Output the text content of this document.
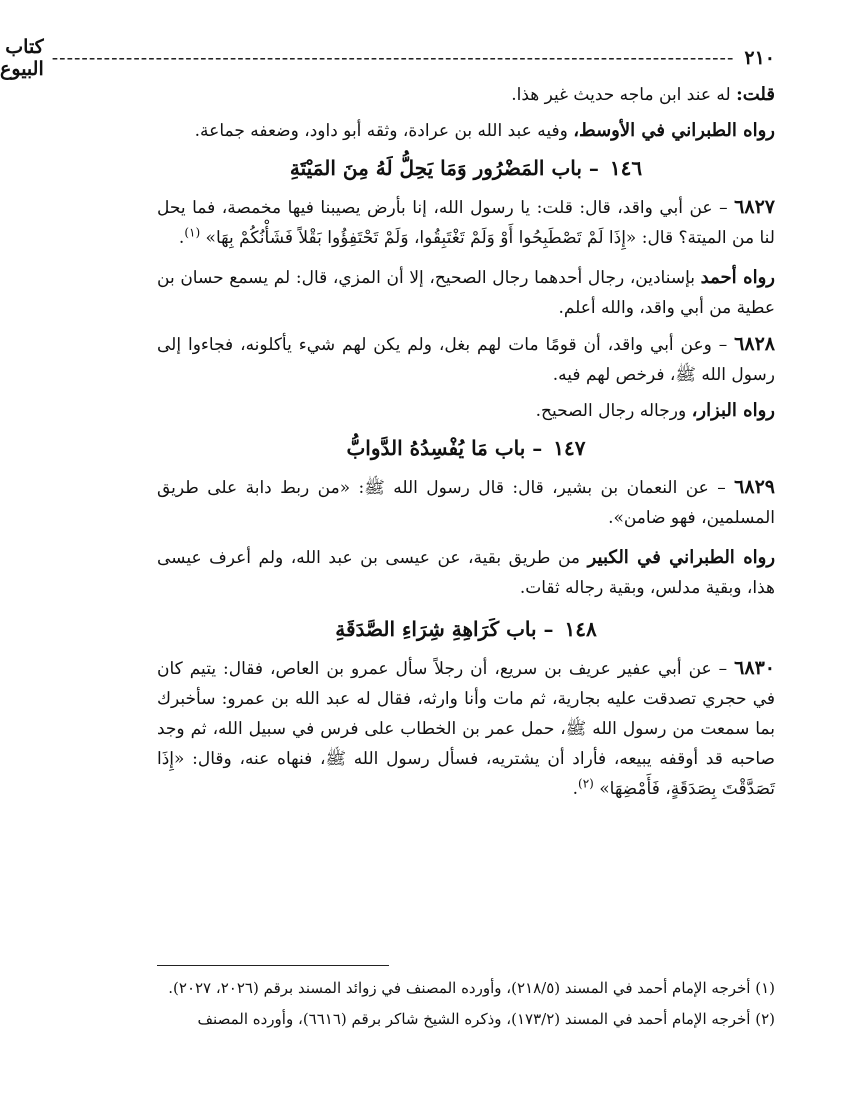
٢١٠
--------------------------------------------------------------------------------------------
كتاب البيوع

قلت: له عند ابن ماجه حديث غير هذا.

رواه الطبراني في الأوسط، وفيه عبد الله بن عرادة، وثقه أبو داود، وضعفه جماعة.

١٤٦ – باب المَضْرُور وَمَا يَحِلُّ لَهُ مِنَ المَيْتَةِ

٦٨٢٧ – عن أبي واقد، قال: قلت: يا رسول الله، إنا بأرض يصيبنا فيها مخمصة، فما يحل لنا من الميتة؟ قال: «إِذَا لَمْ تَصْطَبِحُوا أَوْ وَلَمْ تَغْتَبِقُوا، وَلَمْ تَحْتَفِؤُوا بَقْلاً فَشَأْنُكُمْ بِهَا» $^{(١)}$.

رواه أحمد بإسنادين، رجال أحدهما رجال الصحيح، إلا أن المزي، قال: لم يسمع حسان بن عطية من أبي واقد، والله أعلم.

٦٨٢٨ – وعن أبي واقد، أن قومًا مات لهم بغل، ولم يكن لهم شيء يأكلونه، فجاءوا إلى رسول الله ﷺ، فرخص لهم فيه.

رواه البزار، ورجاله رجال الصحيح.

١٤٧ – باب مَا يُفْسِدُهُ الدَّوابُّ

٦٨٢٩ – عن النعمان بن بشير، قال: قال رسول الله ﷺ: «من ربط دابة على طريق المسلمين، فهو ضامن».

رواه الطبراني في الكبير من طريق بقية، عن عيسى بن عبد الله، ولم أعرف عيسى هذا، وبقية مدلس، وبقية رجاله ثقات.

١٤٨ – باب كَرَاهِةِ شِرَاءِ الصَّدَقَةِ

٦٨٣٠ – عن أبي عفير عريف بن سريع، أن رجلاً سأل عمرو بن العاص، فقال: يتيم كان في حجري تصدقت عليه بجارية، ثم مات وأنا وارثه، فقال له عبد الله بن عمرو: سأخبرك بما سمعت من رسول الله ﷺ، حمل عمر بن الخطاب على فرس في سبيل الله، ثم وجد صاحبه قد أوقفه يبيعه، فأراد أن يشتريه، فسأل رسول الله ﷺ، فنهاه عنه، وقال: «إِذَا تَصَدَّقْتَ بِصَدَقَةٍ، فَأَمْضِهَا» $^{(٢)}$.

(١) أخرجه الإمام أحمد في المسند (٢١٨/٥)، وأورده المصنف في زوائد المسند برقم (٢٠٢٦، ٢٠٢٧).

(٢) أخرجه الإمام أحمد في المسند (١٧٣/٢)، وذكره الشيخ شاكر برقم (٦٦١٦)، وأورده المصنف
